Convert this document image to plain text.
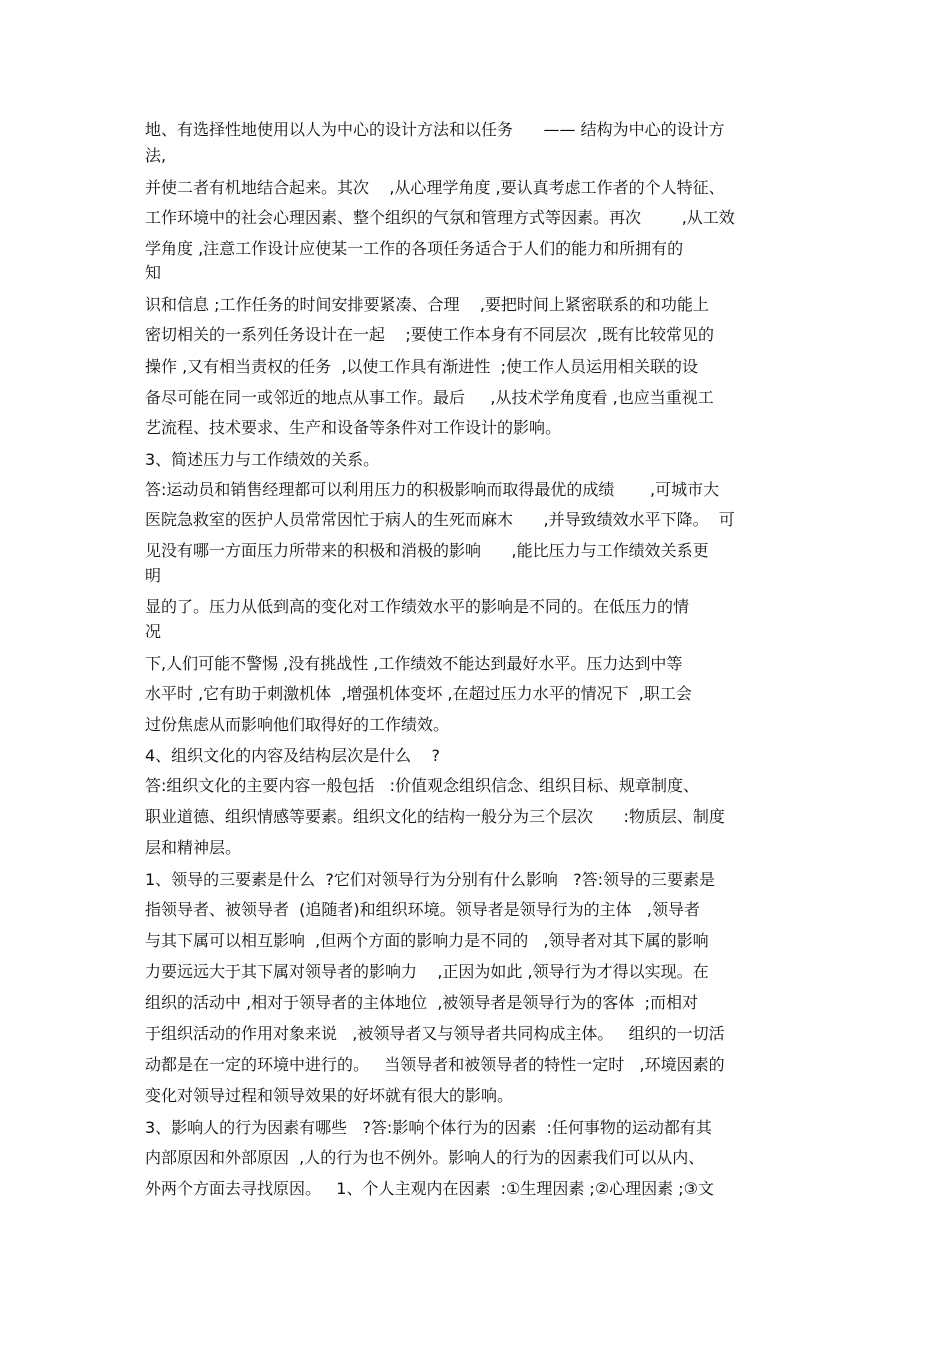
地、有选择性地使用以人为中心的设计方法和以任务      —— 结构为中心的设计方
法,
并使二者有机地结合起来。其次    ,从心理学角度 ,要认真考虑工作者的个人特征、
工作环境中的社会心理因素、整个组织的气氛和管理方式等因素。再次        ,从工效
学角度 ,注意工作设计应使某一工作的各项任务适合于人们的能力和所拥有的
知
识和信息 ;工作任务的时间安排要紧凑、合理    ,要把时间上紧密联系的和功能上
密切相关的一系列任务设计在一起    ;要使工作本身有不同层次  ,既有比较常见的
操作 ,又有相当责权的任务  ,以使工作具有渐进性  ;使工作人员运用相关联的设
备尽可能在同一或邻近的地点从事工作。最后     ,从技术学角度看 ,也应当重视工
艺流程、技术要求、生产和设备等条件对工作设计的影响。
3、简述压力与工作绩效的关系。
答:运动员和销售经理都可以利用压力的积极影响而取得最优的成绩       ,可城市大
医院急救室的医护人员常常因忙于病人的生死而麻木      ,并导致绩效水平下降。  可
见没有哪一方面压力所带来的积极和消极的影响      ,能比压力与工作绩效关系更
明
显的了。压力从低到高的变化对工作绩效水平的影响是不同的。在低压力的情
况
下,人们可能不警惕 ,没有挑战性 ,工作绩效不能达到最好水平。压力达到中等
水平时 ,它有助于刺激机体  ,增强机体变坏 ,在超过压力水平的情况下  ,职工会
过份焦虑从而影响他们取得好的工作绩效。
4、组织文化的内容及结构层次是什么    ?
答:组织文化的主要内容一般包括   :价值观念组织信念、组织目标、规章制度、
职业道德、组织情感等要素。组织文化的结构一般分为三个层次      :物质层、制度
层和精神层。
1、领导的三要素是什么  ?它们对领导行为分别有什么影响   ?答:领导的三要素是
指领导者、被领导者  (追随者)和组织环境。领导者是领导行为的主体   ,领导者
与其下属可以相互影响  ,但两个方面的影响力是不同的   ,领导者对其下属的影响
力要远远大于其下属对领导者的影响力    ,正因为如此 ,领导行为才得以实现。在
组织的活动中 ,相对于领导者的主体地位  ,被领导者是领导行为的客体  ;而相对
于组织活动的作用对象来说   ,被领导者又与领导者共同构成主体。   组织的一切活
动都是在一定的环境中进行的。   当领导者和被领导者的特性一定时   ,环境因素的
变化对领导过程和领导效果的好坏就有很大的影响。
3、影响人的行为因素有哪些   ?答:影响个体行为的因素  :任何事物的运动都有其
内部原因和外部原因  ,人的行为也不例外。影响人的行为的因素我们可以从内、
外两个方面去寻找原因。   1、个人主观内在因素  :①生理因素 ;②心理因素 ;③文
